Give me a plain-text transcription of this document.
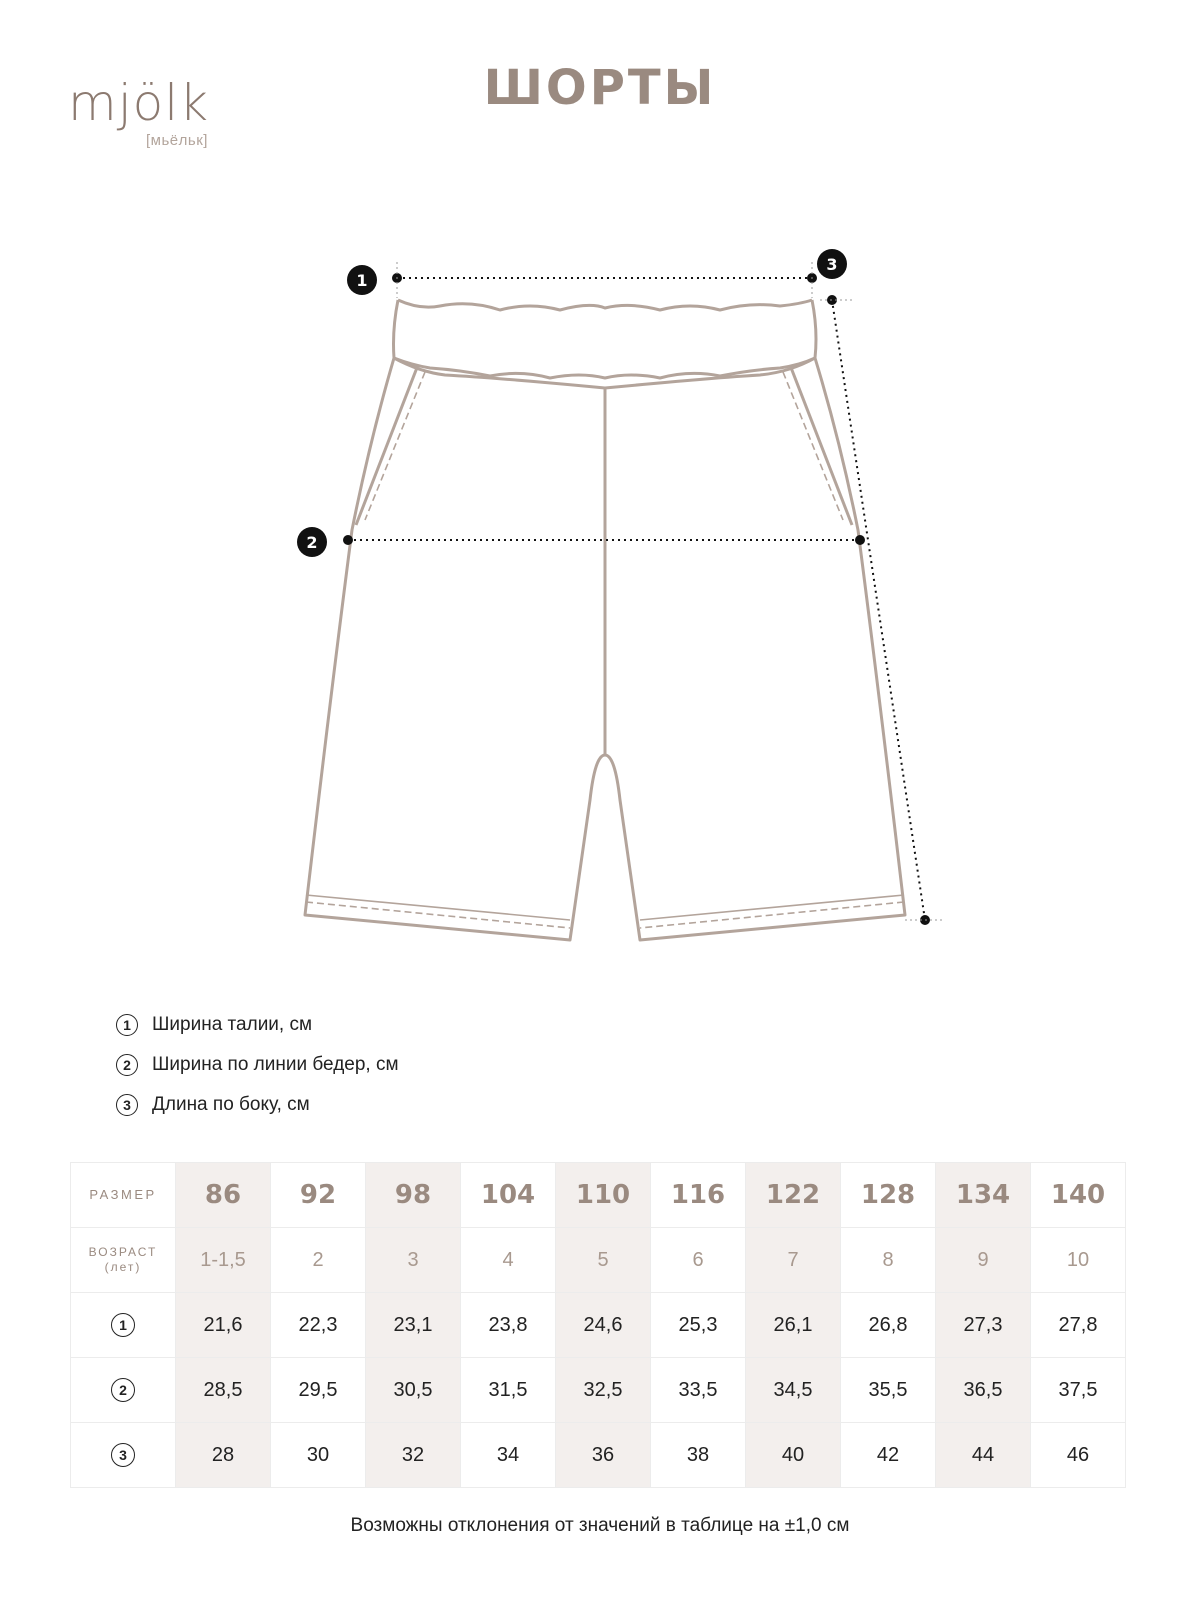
mjölk
[мьёльк]
ШОРТЫ
1
2
3
1	Ширина талии, см
2	Ширина по линии бедер, см
3	Длина по боку, см
РАЗМЕР	86	92	98	104	110	116	122	128	134	140

ВОЗРАСТ
(лет)	1-1,5	2	3	4	5	6	7	8	9	10
1	21,6	22,3	23,1	23,8	24,6	25,3	26,1	26,8	27,3	27,8
2	28,5	29,5	30,5	31,5	32,5	33,5	34,5	35,5	36,5	37,5
3	28	30	32	34	36	38	40	42	44	46
Возможны отклонения от значений в таблице на ±1,0 см
